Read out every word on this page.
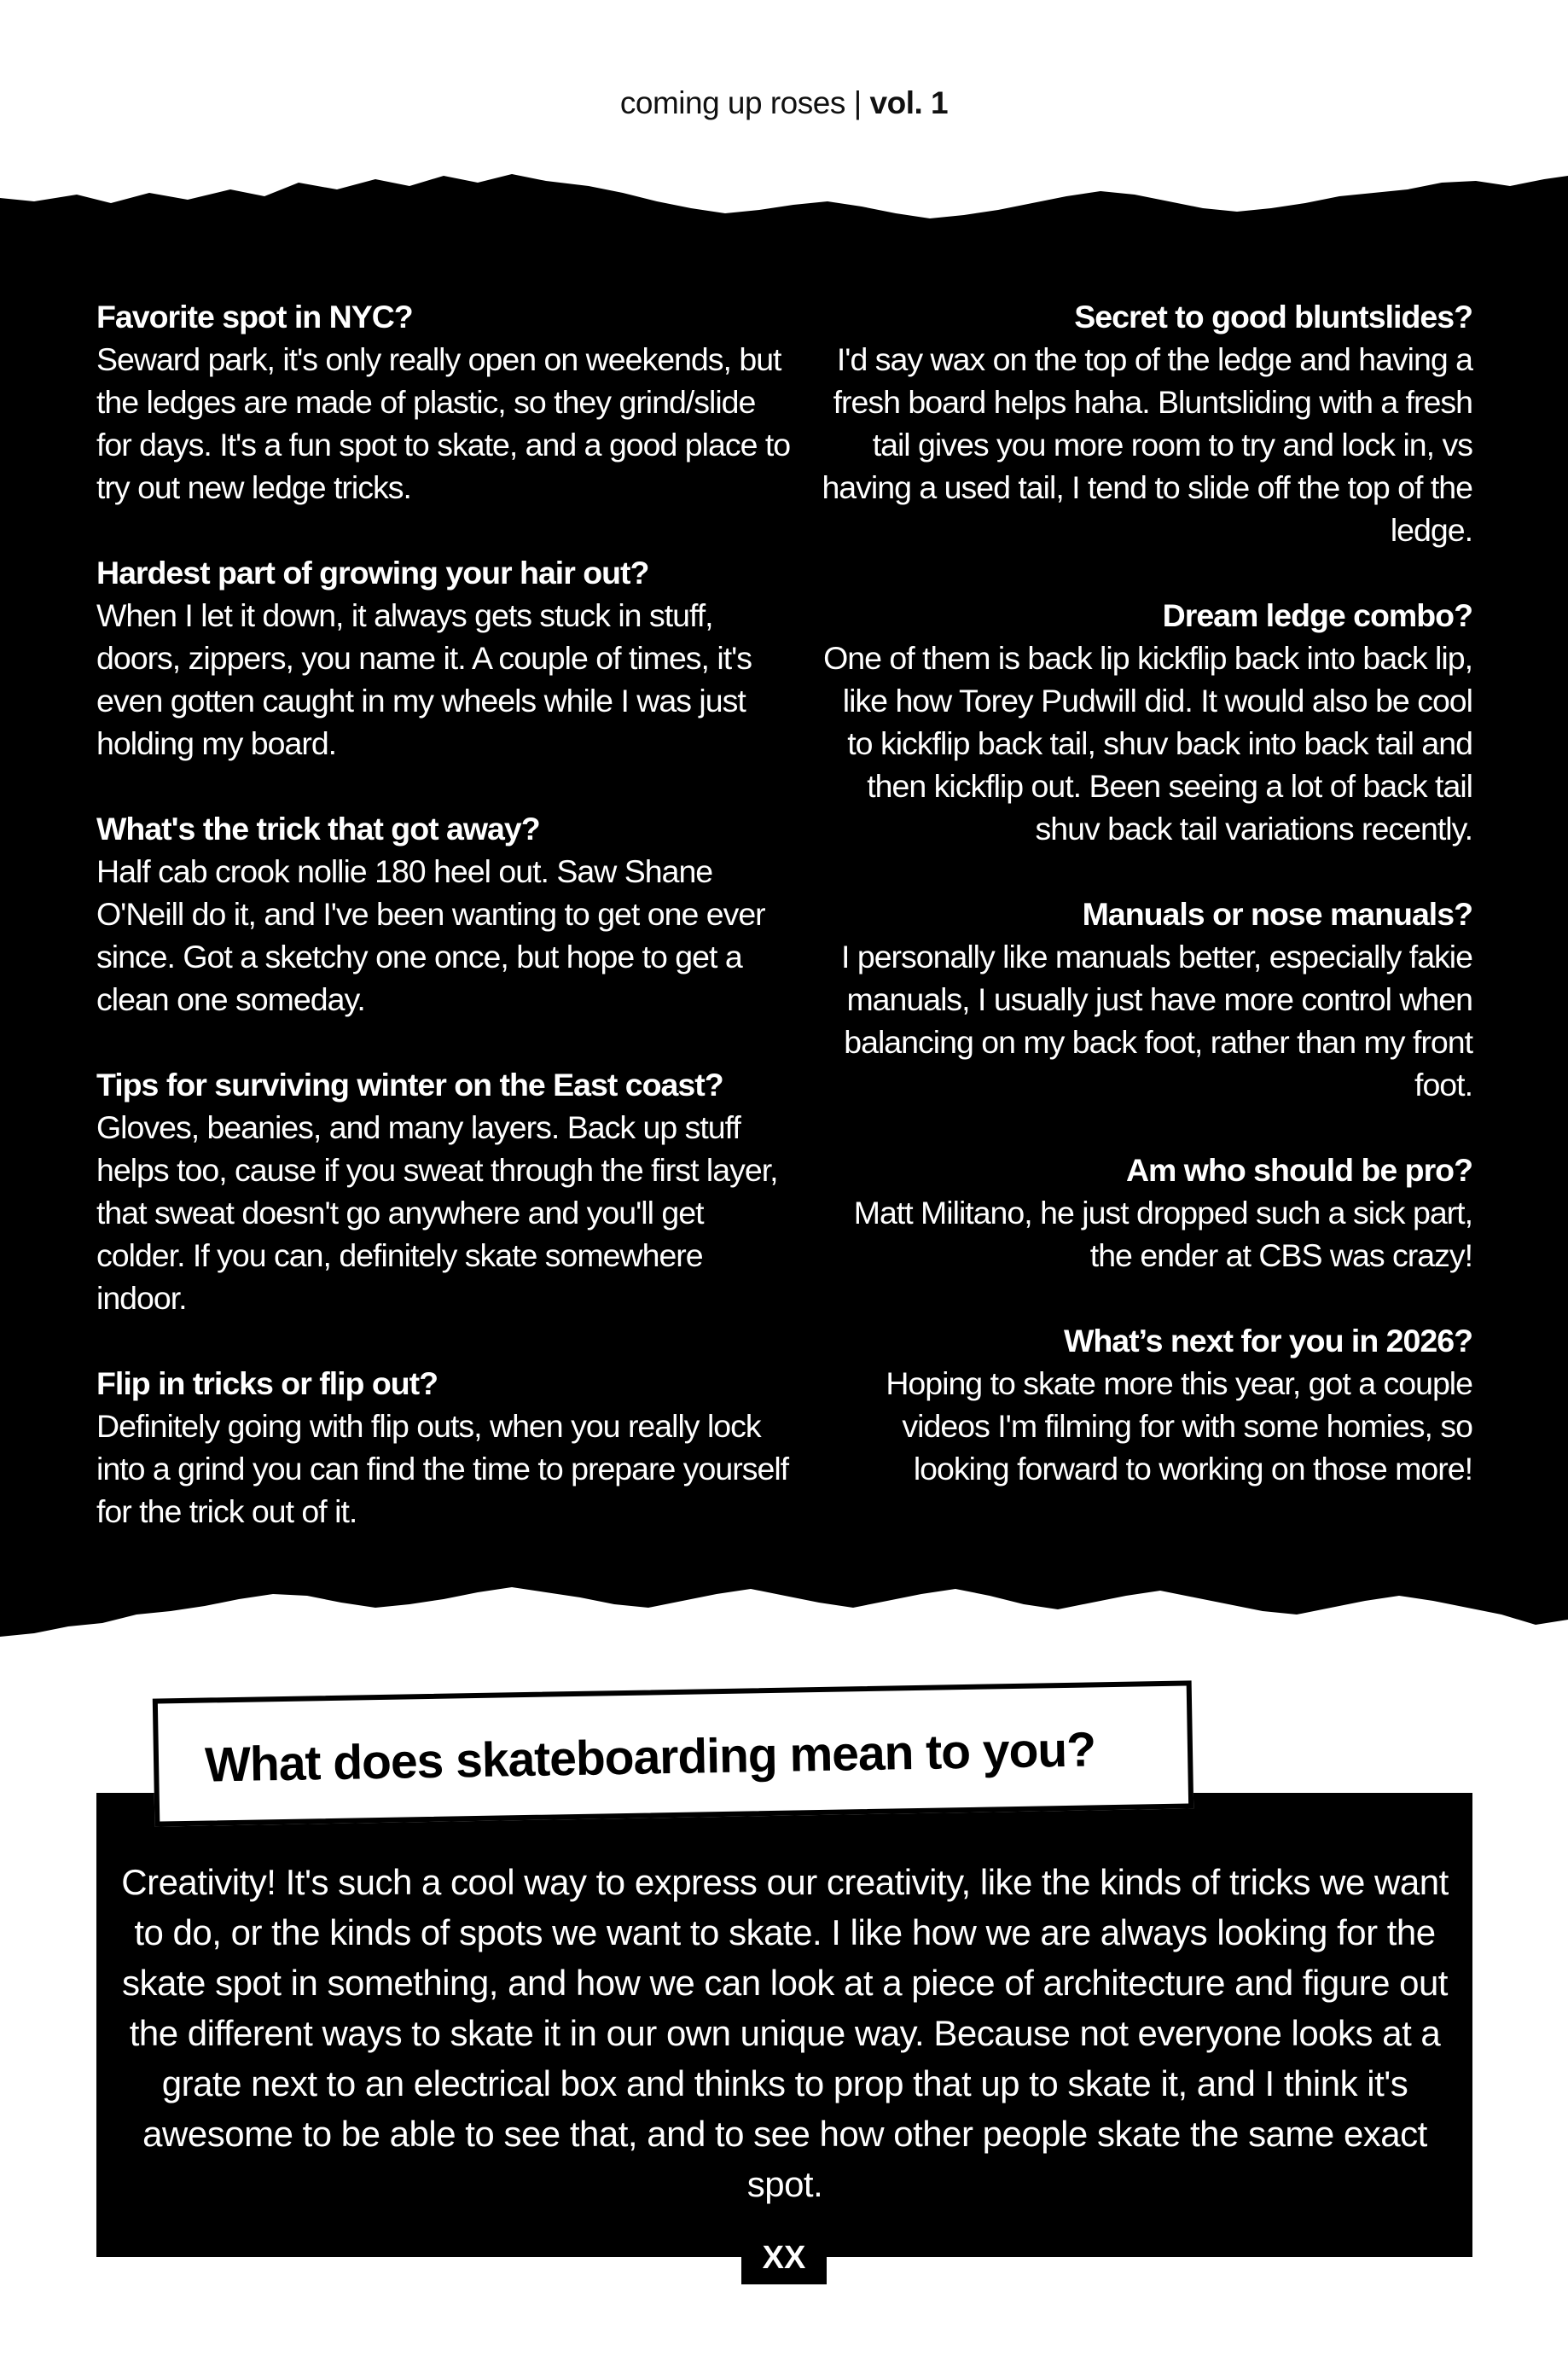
coming up roses | vol. 1
Favorite spot in NYC?
Seward park, it's only really open on weekends, but the ledges are made of plastic, so they grind/slide for days. It's a fun spot to skate, and a good place to try out new ledge tricks.
Hardest part of growing your hair out?
When I let it down, it always gets stuck in stuff, doors, zippers, you name it. A couple of times, it's even gotten caught in my wheels while I was just holding my board.
What's the trick that got away?
Half cab crook nollie 180 heel out. Saw Shane O'Neill do it, and I've been wanting to get one ever since. Got a sketchy one once, but hope to get a clean one someday.
Tips for surviving winter on the East coast?
Gloves, beanies, and many layers. Back up stuff helps too, cause if you sweat through the first layer, that sweat doesn't go anywhere and you'll get colder. If you can, definitely skate somewhere indoor.
Flip in tricks or flip out?
Definitely going with flip outs, when you really lock into a grind you can find the time to prepare yourself for the trick out of it.
Secret to good bluntslides?
I'd say wax on the top of the ledge and having a fresh board helps haha. Bluntsliding with a fresh tail gives you more room to try and lock in, vs having a used tail, I tend to slide off the top of the ledge.
Dream ledge combo?
One of them is back lip kickflip back into back lip, like how Torey Pudwill did. It would also be cool to kickflip back tail, shuv back into back tail and then kickflip out. Been seeing a lot of back tail shuv back tail variations recently.
Manuals or nose manuals?
I personally like manuals better, especially fakie manuals, I usually just have more control when balancing on my back foot, rather than my front foot.
Am who should be pro?
Matt Militano, he just dropped such a sick part, the ender at CBS was crazy!
What’s next for you in 2026?
Hoping to skate more this year, got a couple videos I'm filming for with some homies, so looking forward to working on those more!
What does skateboarding mean to you?
Creativity! It's such a cool way to express our creativity, like the kinds of tricks we want to do, or the kinds of spots we want to skate. I like how we are always looking for the skate spot in something, and how we can look at a piece of architecture and figure out the different ways to skate it in our own unique way. Because not everyone looks at a grate next to an electrical box and thinks to prop that up to skate it, and I think it's awesome to be able to see that, and to see how other people skate the same exact spot.
XX
